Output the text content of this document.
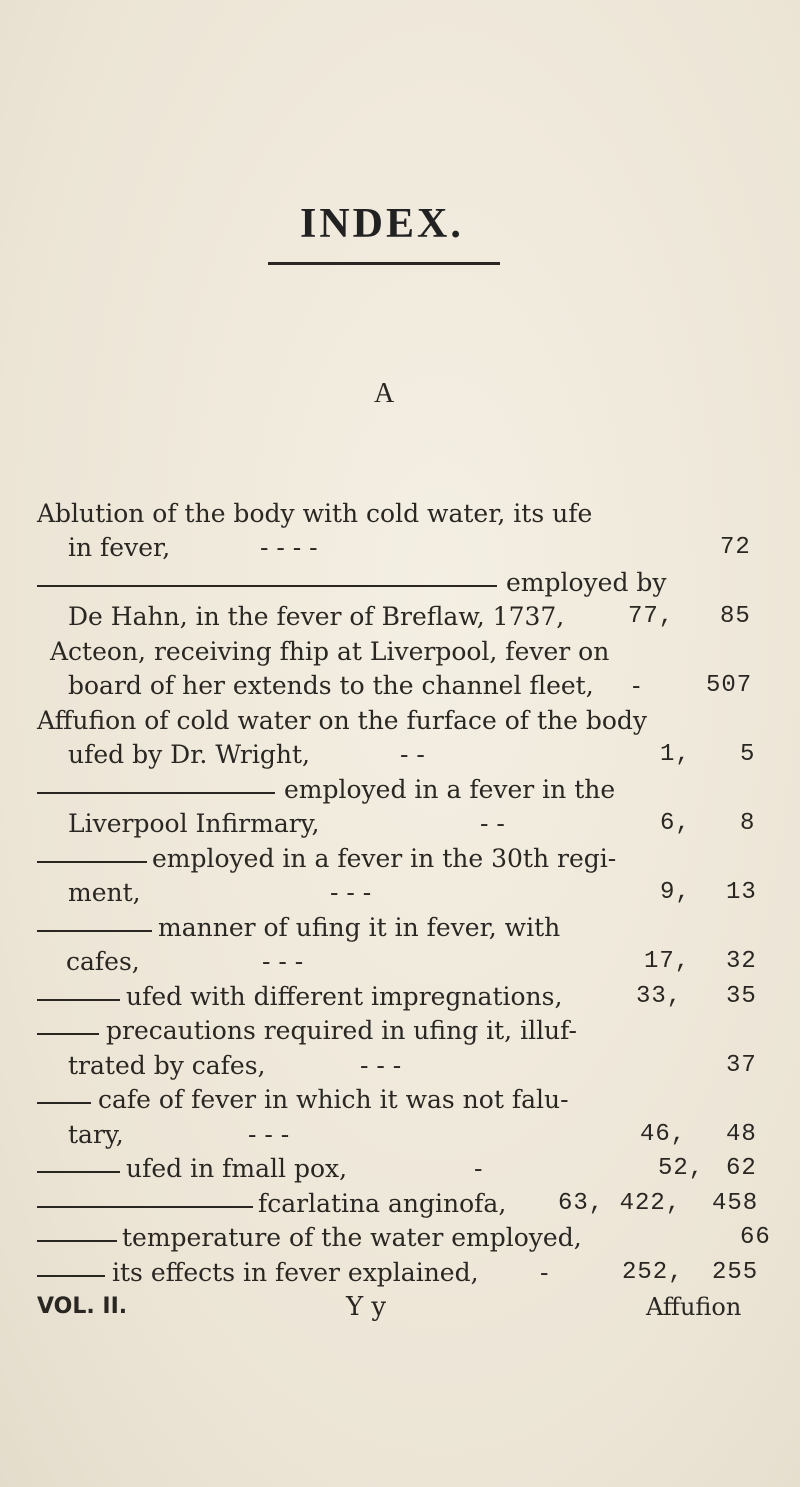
INDEX.
A
Ablution of the body with cold water, its ufe
in fever,	- - - -	72
employed by
De Hahn, in the fever of Breflaw, 1737,	77, 85
Acteon, receiving fhip at Liverpool, fever on
board of her extends to the channel fleet, -	507
Affufion of cold water on the furface of the body
ufed by Dr. Wright,	- -	1, 5
employed in a fever in the
Liverpool Infirmary,	- -	6, 8
employed in a fever in the 30th regi-
ment,	- - -	9, 13
manner of ufing it in fever, with
cafes,	- - -	17, 32
ufed with different impregnations,	33, 35
precautions required in ufing it, illuf-
trated by cafes,	- - -	37
cafe of fever in which it was not falu-
tary,	- - -	46, 48
ufed in fmall pox,	-	52, 62
fcarlatina anginofa, 63, 422, 458
temperature of the water employed,	66
its effects in fever explained, -	252, 255
VOL. II.	Y y	Affufion
